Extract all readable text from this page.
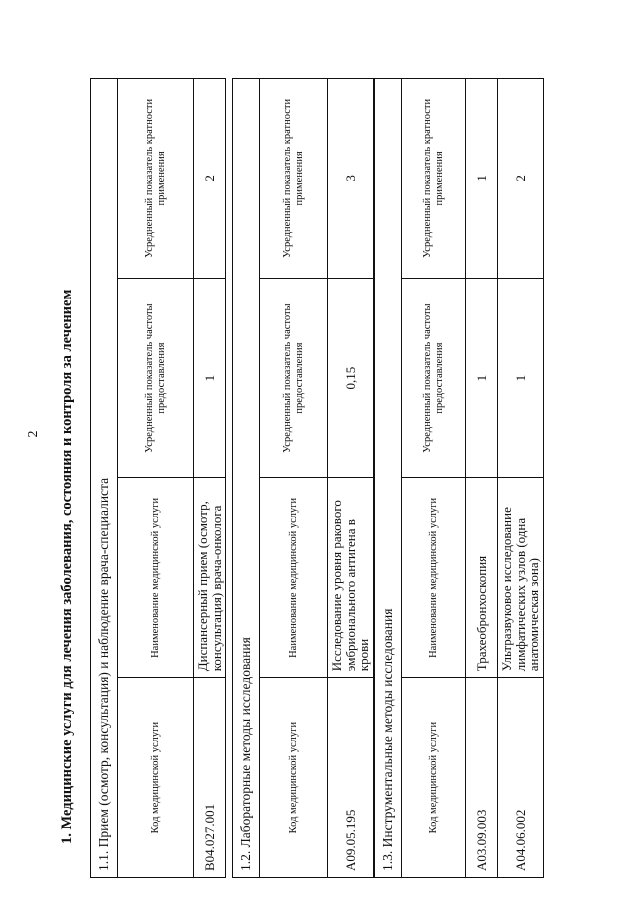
2 1. Медицинские услуги для лечения заболевания, состояния и контроля за лечением 1.1. Прием (осмотр, консультация) и наблюдение врача-специалиста			
Код медицинской услуги	Наименование медицинской услуги	Усредненный показатель частоты предоставления	Усредненный показатель кратности применения
B04.027.001	Диспансерный прием (осмотр, консультация) врача-онколога	1	2
1.2. Лабораторные методы исследования			
Код медицинской услуги	Наименование медицинской услуги	Усредненный показатель частоты предоставления	Усредненный показатель кратности применения
A09.05.195	Исследование уровня ракового эмбрионального антигена в крови	0,15	3
1.3. Инструментальные методы исследования			
Код медицинской услуги	Наименование медицинской услуги	Усредненный показатель частоты предоставления	Усредненный показатель кратности применения
A03.09.003	Трахеобронхоскопия	1	1
A04.06.002	Ультразвуковое исследование лимфатических узлов (одна анатомическая зона)	1	2
